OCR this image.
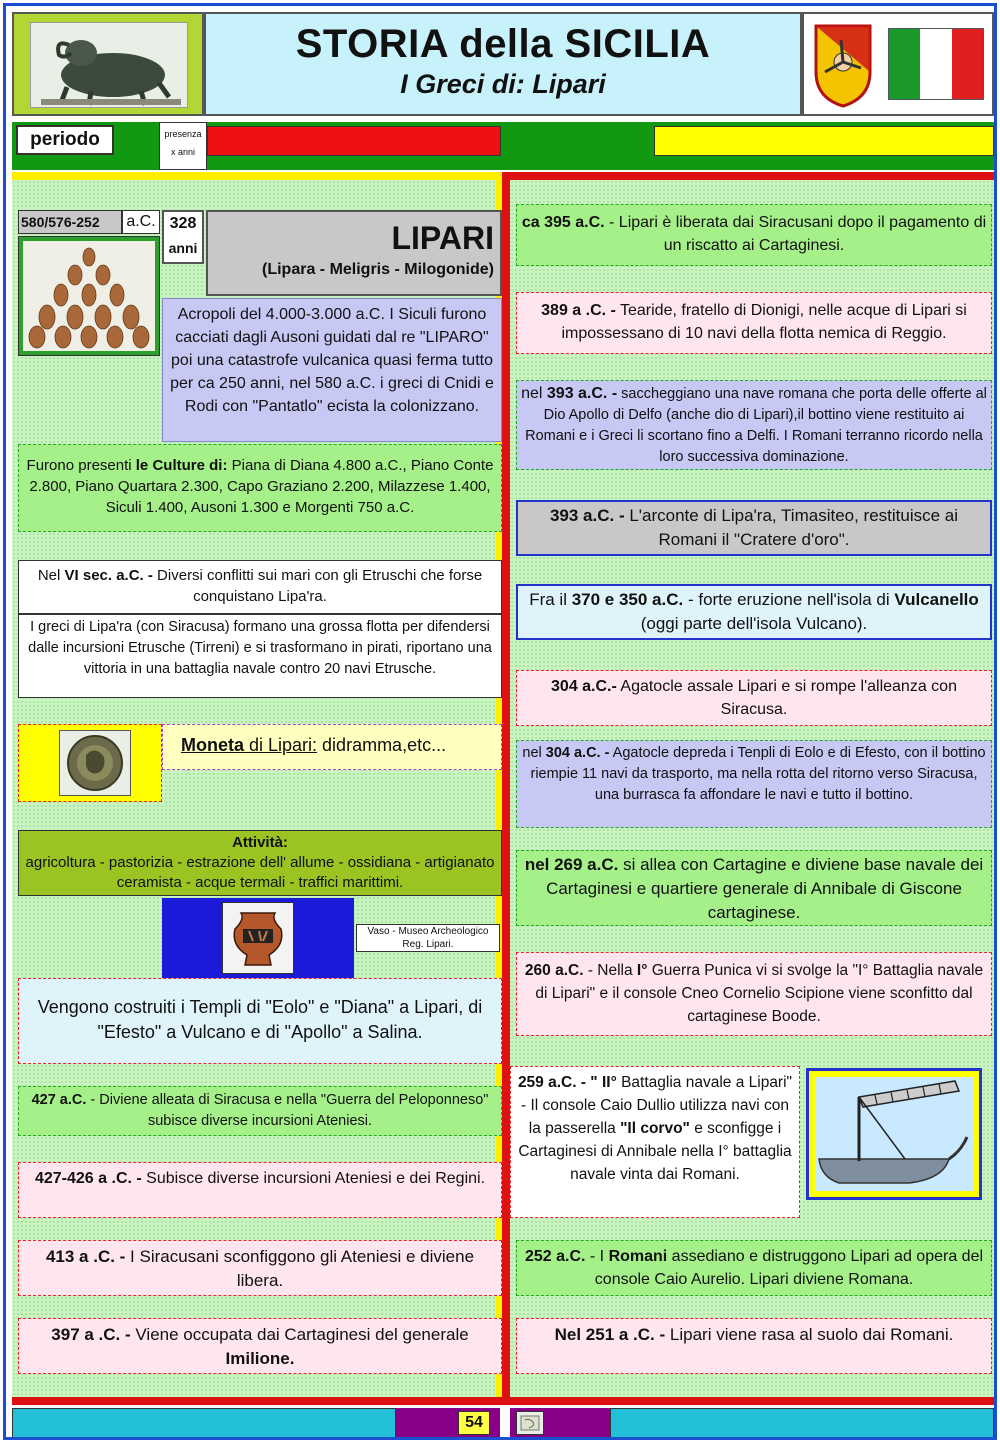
STORIA della SICILIA
I Greci di: Lipari
periodo	presenza
x anni
580/576-252	a.C. 328
anni	LIPARI
(Lipara - Meligris - Milogonide)
Acropoli del 4.000-3.000 a.C. I Siculi furono cacciati dagli Ausoni guidati dal re "LIPARO" poi una catastrofe vulcanica quasi ferma tutto per ca 250 anni, nel 580 a.C. i greci di Cnidi e Rodi con "Pantatlo" ecista la colonizzano.
Furono presenti le Culture di: Piana di Diana 4.800 a.C., Piano Conte 2.800, Piano Quartara 2.300, Capo Graziano 2.200, Milazzese 1.400, Siculi 1.400, Ausoni 1.300 e Morgenti 750 a.C.
Nel VI sec. a.C. - Diversi conflitti sui mari con gli Etruschi che forse conquistano Lipa'ra.
I greci di Lipa'ra (con Siracusa) formano una grossa flotta per difendersi dalle incursioni Etrusche (Tirreni) e si trasformano in pirati, riportano una vittoria in una battaglia navale contro 20 navi Etrusche.
Moneta di Lipari: didramma,etc...
Attività:
agricoltura - pastorizia - estrazione dell' allume - ossidiana - artigianato ceramista - acque termali - traffici marittimi.
Vaso - Museo Archeologico Reg. Lipari.
Vengono costruiti i Templi di "Eolo" e "Diana" a Lipari, di "Efesto" a Vulcano e di "Apollo" a Salina.
427 a.C. - Diviene alleata di Siracusa e nella "Guerra del Peloponneso" subisce diverse incursioni Ateniesi.
427-426 a .C. - Subisce diverse incursioni Ateniesi e dei Regini.
413 a .C. - I Siracusani sconfiggono gli Ateniesi e diviene libera.
397 a .C. - Viene occupata dai Cartaginesi del generale Imilione.
ca 395 a.C. - Lipari è liberata dai Siracusani dopo il pagamento di un riscatto ai Cartaginesi.
389 a .C. - Tearide, fratello di Dionigi, nelle acque di Lipari si impossessano di 10 navi della flotta nemica di Reggio.
nel 393 a.C. - saccheggiano una nave romana che porta delle offerte al Dio Apollo di Delfo (anche dio di Lipari),il bottino viene restituito ai Romani e i Greci li scortano fino a Delfi. I Romani terranno ricordo nella loro successiva dominazione.
393 a.C. - L'arconte di Lipa'ra, Timasiteo, restituisce ai Romani il "Cratere d'oro".
Fra il 370 e 350 a.C. - forte eruzione nell'isola di Vulcanello (oggi parte dell'isola Vulcano).
304 a.C.- Agatocle assale Lipari e si rompe l'alleanza con Siracusa.
nel 304 a.C. - Agatocle depreda i Tenpli di Eolo e di Efesto, con il bottino riempie 11 navi da trasporto, ma nella rotta del ritorno verso Siracusa, una burrasca fa affondare le navi e tutto il bottino.
nel 269 a.C. si allea con Cartagine e diviene base navale dei Cartaginesi e quartiere generale di Annibale di Giscone cartaginese.
260 a.C. - Nella I° Guerra Punica vi si svolge la "I° Battaglia navale di Lipari" e il console Cneo Cornelio Scipione viene sconfitto dal cartaginese Boode.
259 a.C. - " II° Battaglia navale a Lipari" - Il console Caio Dullio utilizza navi con la passerella "Il corvo" e sconfigge i Cartaginesi di Annibale nella I° battaglia navale vinta dai Romani.
252 a.C. - I Romani assediano e distruggono Lipari ad opera del console Caio Aurelio. Lipari diviene Romana.
Nel 251 a .C. - Lipari viene rasa al suolo dai Romani.
54
